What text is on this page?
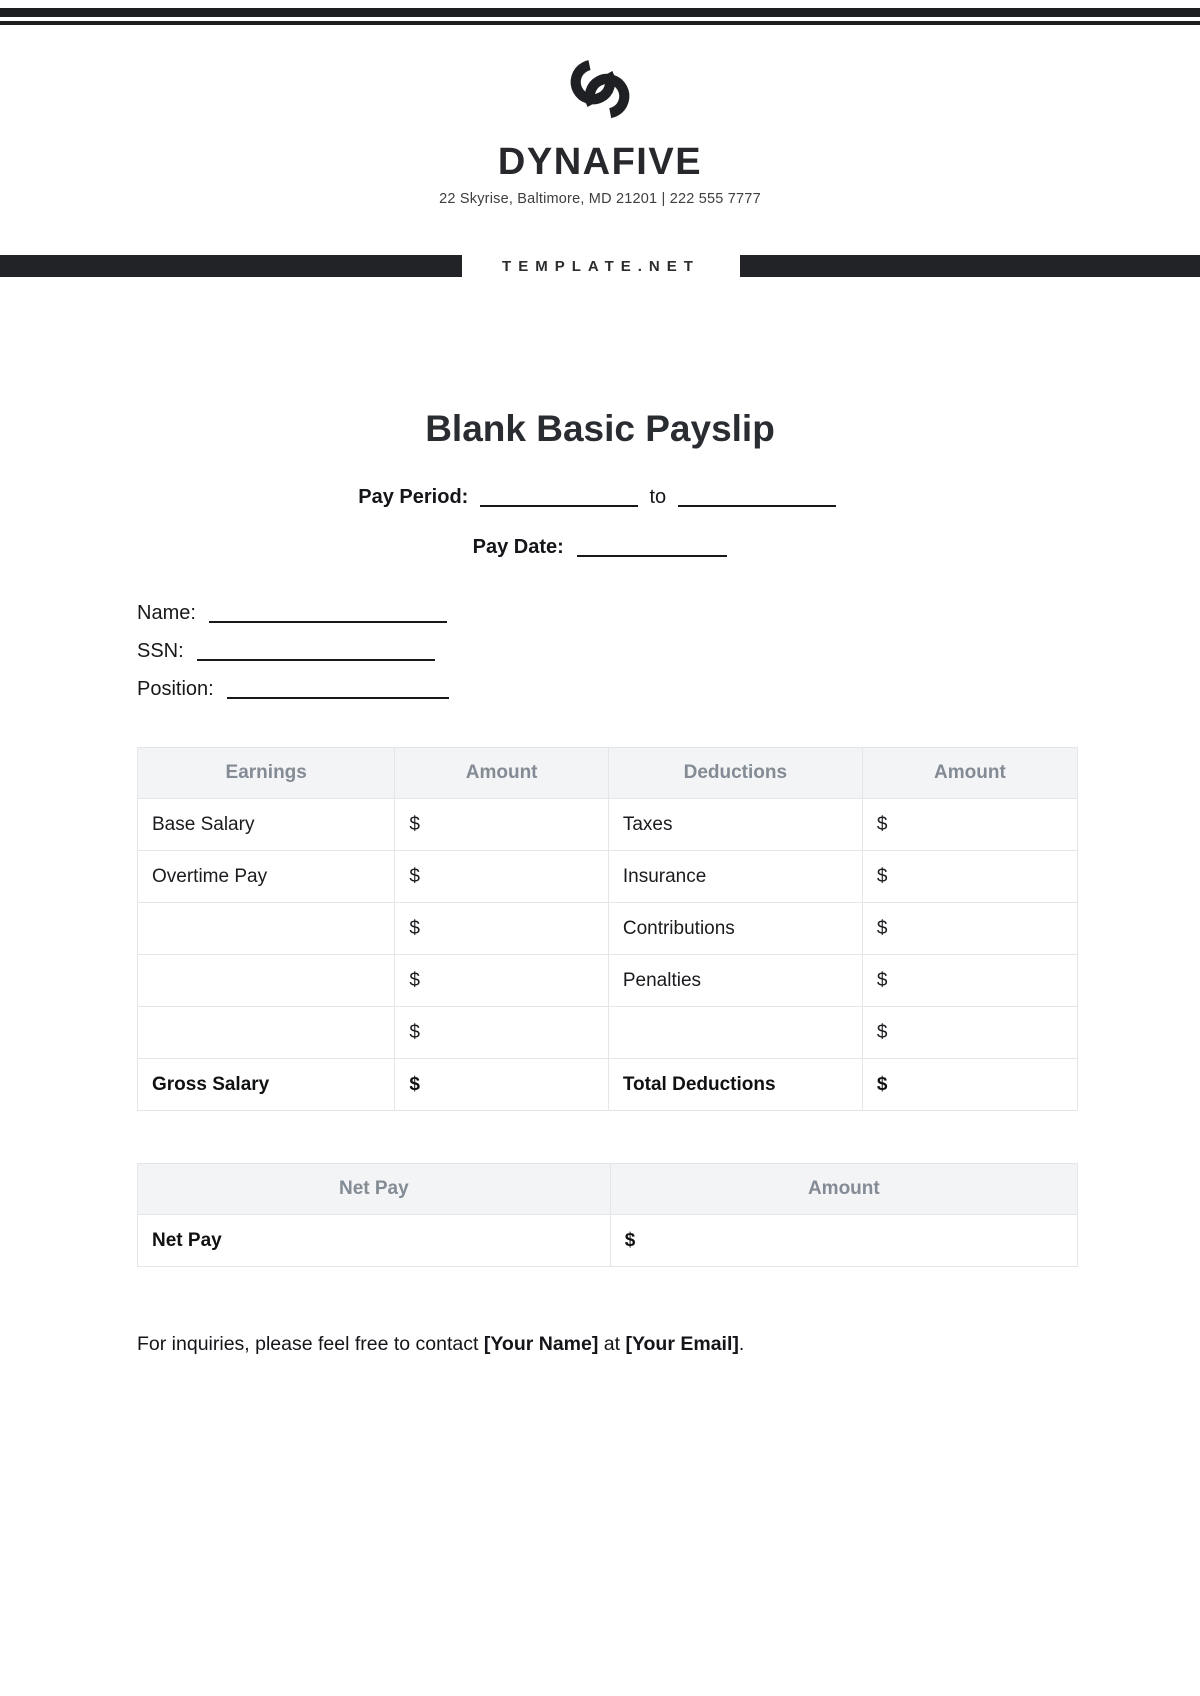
DYNAFIVE
22 Skyrise, Baltimore, MD 21201 | 222 555 7777
TEMPLATE.NET
Blank Basic Payslip
Pay Period:	to
Pay Date:
Name:
SSN:
Position:
Earnings	Amount	Deductions	Amount
Base Salary	$	Taxes	$
Overtime Pay	$	Insurance	$
	$	Contributions	$
	$	Penalties	$
	$		$
Gross Salary	$	Total Deductions	$
Net Pay	Amount
Net Pay	$

For inquiries, please feel free to contact [Your Name] at [Your Email].
